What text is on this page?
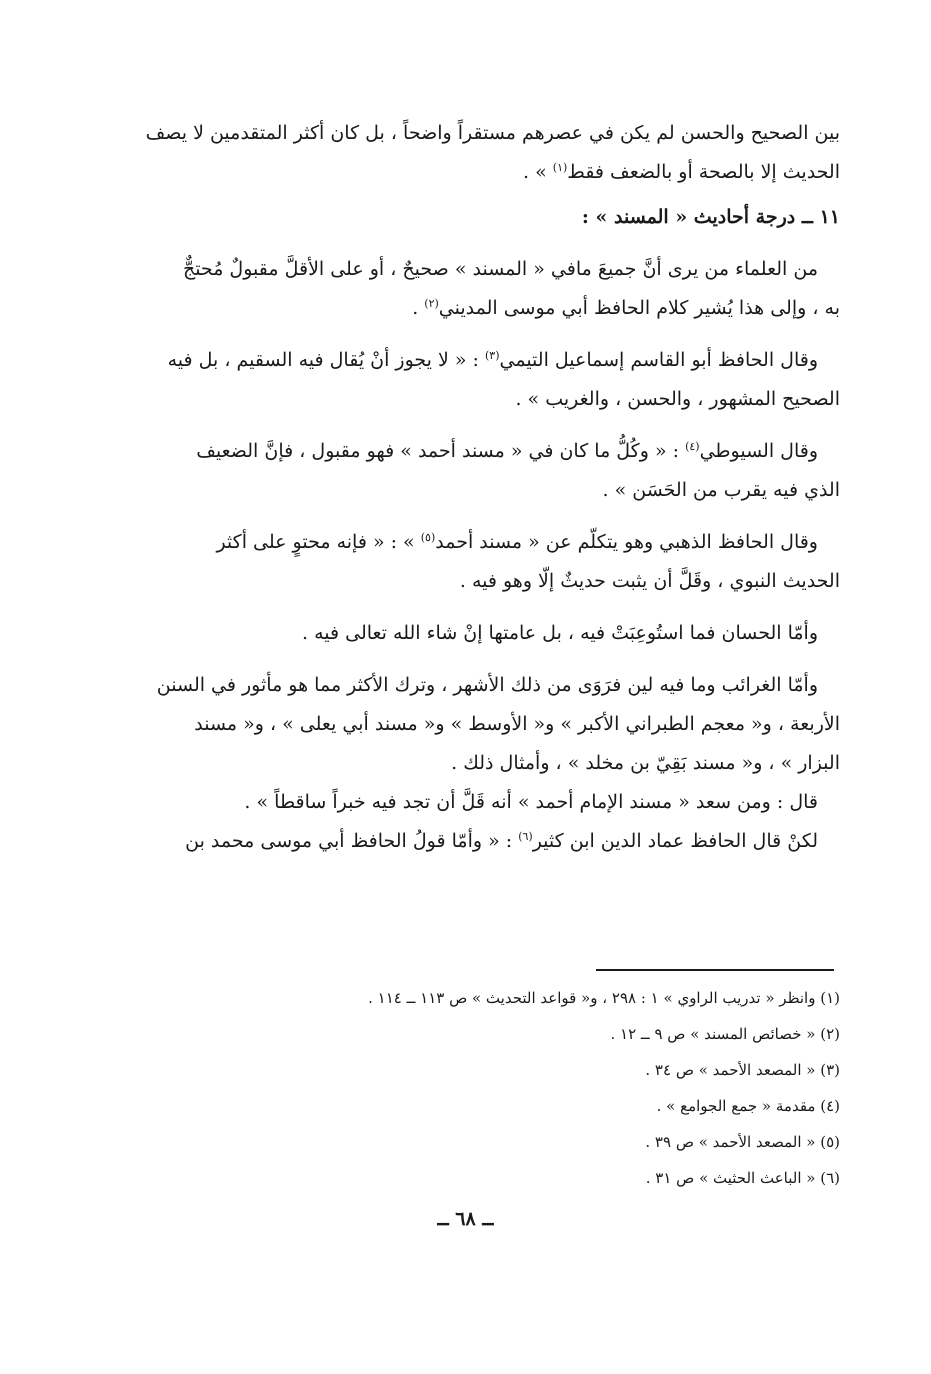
بين الصحيح والحسن لم يكن في عصرهم مستقراً واضحاً ، بل كان أكثر المتقدمين لا يصف
الحديث إلا بالصحة أو بالضعف فقط$^{(١)}$ » .

١١ ــ درجة أحاديث « المسند » :

من العلماء من يرى أنَّ جميعَ مافي « المسند » صحيحٌ ، أو على الأقلَّ مقبولٌ مُحتجٌّ
به ، وإلى هذا يُشير كلام الحافظ أبي موسى المديني$^{(٢)}$ .

وقال الحافظ أبو القاسم إسماعيل التيمي$^{(٣)}$ : « لا يجوز أنْ يُقال فيه السقيم ، بل فيه
الصحيح المشهور ، والحسن ، والغريب » .

وقال السيوطي$^{(٤)}$ : « وكُلُّ ما كان في « مسند أحمد » فهو مقبول ، فإنَّ الضعيف
الذي فيه يقرب من الحَسَن » .

وقال الحافظ الذهبي وهو يتكلّم عن « مسند أحمد$^{(٥)}$ » : « فإنه محتوٍ على أكثر
الحديث النبوي ، وقَلَّ أن يثبت حديثٌ إلّا وهو فيه .

وأمّا الحسان فما استُوعِبَتْ فيه ، بل عامتها إنْ شاء الله تعالى فيه .

وأمّا الغرائب وما فيه لين فرَوَى من ذلك الأشهر ، وترك الأكثر مما هو مأثور في السنن
الأربعة ، و« معجم الطبراني الأكبر » و« الأوسط » و« مسند أبي يعلى » ، و« مسند
البزار » ، و« مسند بَقِيّ بن مخلد » ، وأمثال ذلك .

قال : ومن سعد « مسند الإمام أحمد » أنه قَلَّ أن تجد فيه خبراً ساقطاً » .

لكنْ قال الحافظ عماد الدين ابن كثير$^{(٦)}$ : « وأمّا قولُ الحافظ أبي موسى محمد بن

(١) وانظر « تدريب الراوي » ١ : ٢٩٨ ، و« قواعد التحديث » ص ١١٣ ــ ١١٤ .
(٢) « خصائص المسند » ص ٩ ــ ١٢ .
(٣) « المصعد الأحمد » ص ٣٤ .
(٤) مقدمة « جمع الجوامع » .
(٥) « المصعد الأحمد » ص ٣٩ .
(٦) « الباعث الحثيث » ص ٣١ .
ــ ٦٨ ــ
